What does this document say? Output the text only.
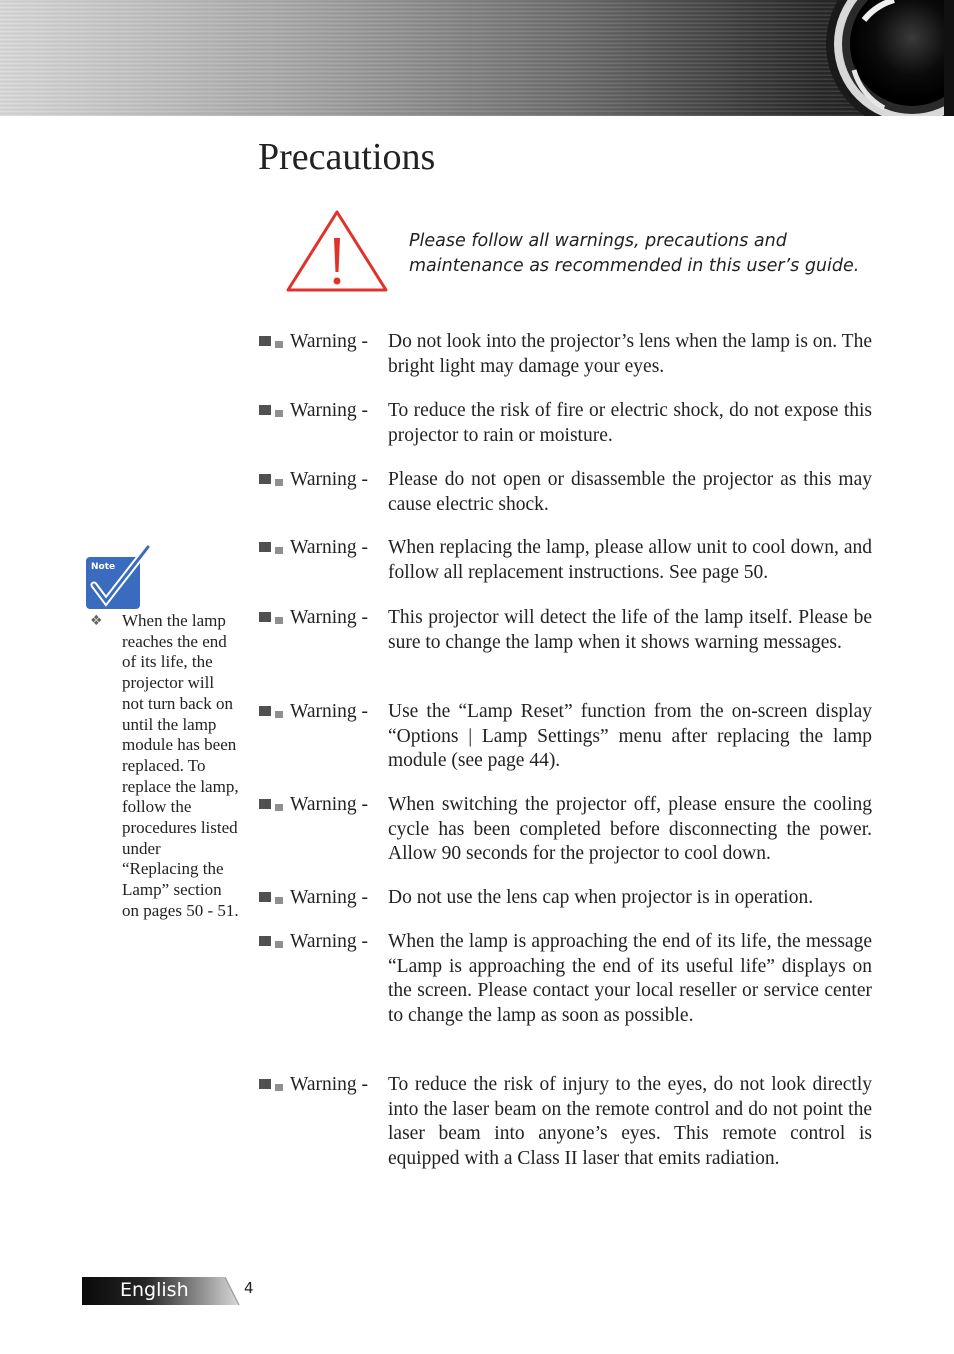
Precautions
Please follow all warnings, precautions and maintenance as recommended in this user’s guide.
Warning - Do not look into the projector’s lens when the lamp is on. The bright light may damage your eyes.
Warning - To reduce the risk of fire or electric shock, do not expose this projector to rain or moisture.
Warning - Please do not open or disassemble the projector as this may cause electric shock.
Warning - When replacing the lamp, please allow unit to cool down, and follow all replacement instructions. See page 50.
Warning - This projector will detect the life of the lamp itself. Please be sure to change the lamp when it shows warning messages.
Warning - Use the “Lamp Reset” function from the on-screen display “Options | Lamp Settings” menu after replacing the lamp module (see page 44).
Warning - When switching the projector off, please ensure the cooling cycle has been completed before disconnecting the power. Allow 90 seconds for the projector to cool down.
Warning - Do not use the lens cap when projector is in operation.
Warning - When the lamp is approaching the end of its life, the message “Lamp is approaching the end of its useful life” displays on the screen. Please contact your local reseller or service center to change the lamp as soon as possible.
Warning - To reduce the risk of injury to the eyes, do not look directly into the laser beam on the remote control and do not point the laser beam into anyone’s eyes. This remote control is equipped with a Class II laser that emits radiation.
Note
❖ When the lamp reaches the end of its life, the projector will not turn back on until the lamp module has been replaced. To replace the lamp, follow the procedures listed under “Replacing the Lamp” section on pages 50 - 51.
English	4
